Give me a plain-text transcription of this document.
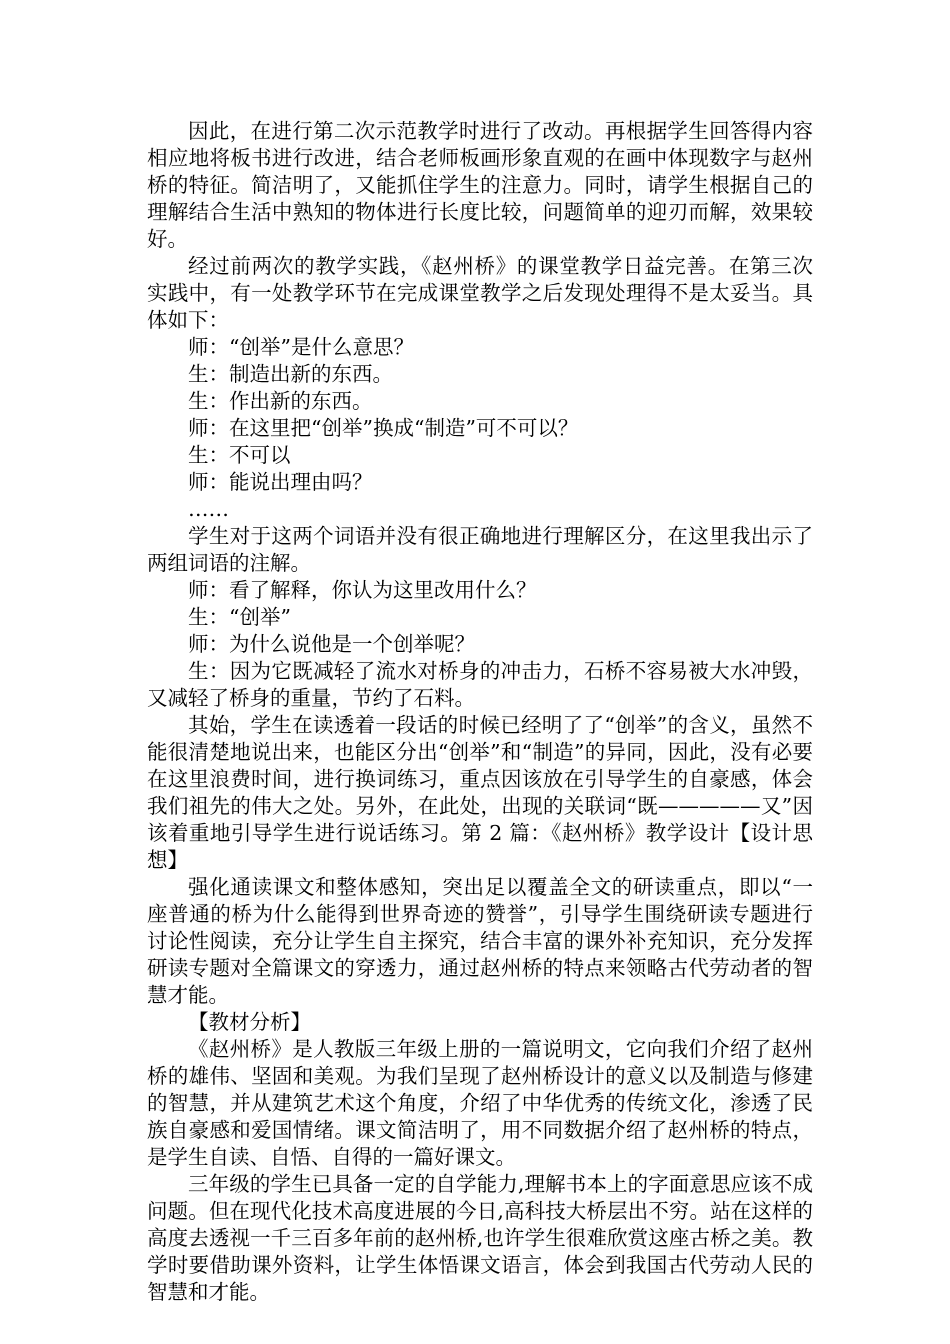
因此，在进行第二次示范教学时进行了改动。再根据学生回答得内容相应地将板书进行改进，结合老师板画形象直观的在画中体现数字与赵州桥的特征。简洁明了，又能抓住学生的注意力。同时，请学生根据自己的理解结合生活中熟知的物体进行长度比较，问题简单的迎刃而解，效果较好。

经过前两次的教学实践，《赵州桥》的课堂教学日益完善。在第三次实践中，有一处教学环节在完成课堂教学之后发现处理得不是太妥当。具体如下：

师：“创举”是什么意思？

生：制造出新的东西。

生：作出新的东西。

师：在这里把“创举”换成“制造”可不可以？

生：不可以

师：能说出理由吗？

……

学生对于这两个词语并没有很正确地进行理解区分，在这里我出示了两组词语的注解。

师：看了解释，你认为这里改用什么？

生：“创举”

师：为什么说他是一个创举呢？

生：因为它既减轻了流水对桥身的冲击力，石桥不容易被大水冲毁，又减轻了桥身的重量，节约了石料。

其始，学生在读透着一段话的时候已经明了了“创举”的含义，虽然不能很清楚地说出来，也能区分出“创举”和“制造”的异同，因此，没有必要在这里浪费时间，进行换词练习，重点因该放在引导学生的自豪感，体会我们祖先的伟大之处。另外，在此处，出现的关联词“既—————又”因该着重地引导学生进行说话练习。第 2 篇：《赵州桥》教学设计【设计思想】

强化通读课文和整体感知，突出足以覆盖全文的研读重点，即以“一座普通的桥为什么能得到世界奇迹的赞誉”，引导学生围绕研读专题进行讨论性阅读，充分让学生自主探究，结合丰富的课外补充知识，充分发挥研读专题对全篇课文的穿透力，通过赵州桥的特点来领略古代劳动者的智慧才能。

【教材分析】

《赵州桥》是人教版三年级上册的一篇说明文，它向我们介绍了赵州桥的雄伟、坚固和美观。为我们呈现了赵州桥设计的意义以及制造与修建的智慧，并从建筑艺术这个角度，介绍了中华优秀的传统文化，渗透了民族自豪感和爱国情绪。课文简洁明了，用不同数据介绍了赵州桥的特点，是学生自读、自悟、自得的一篇好课文。

三年级的学生已具备一定的自学能力,理解书本上的字面意思应该不成问题。但在现代化技术高度进展的今日,高科技大桥层出不穷。站在这样的高度去透视一千三百多年前的赵州桥,也许学生很难欣赏这座古桥之美。教学时要借助课外资料，让学生体悟课文语言，体会到我国古代劳动人民的智慧和才能。
